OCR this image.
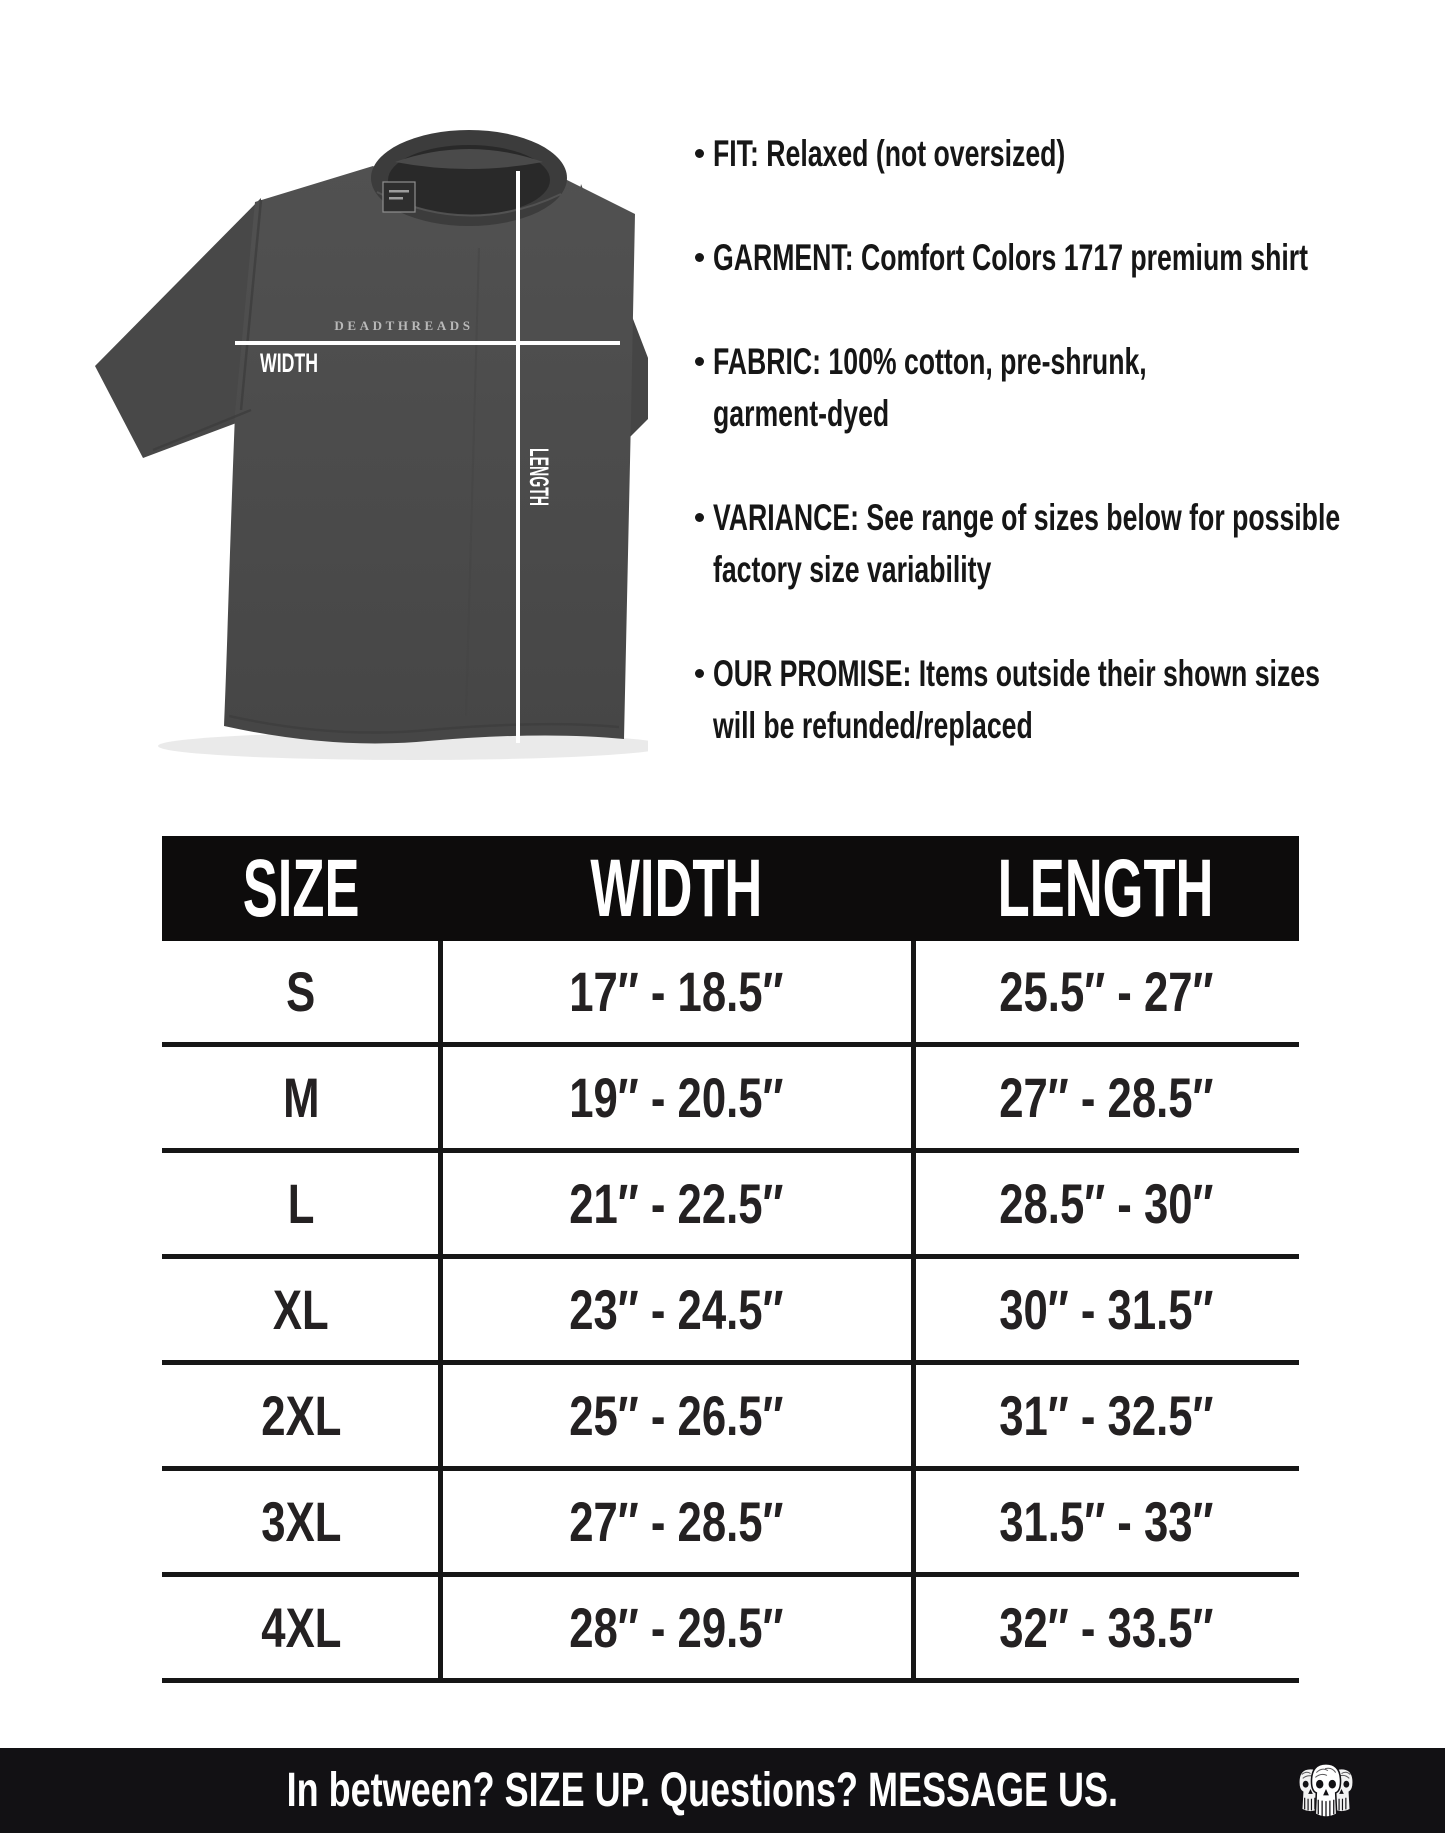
DEADTHREADS
WIDTH
LENGTH
FIT: Relaxed (not oversized)
GARMENT: Comfort Colors 1717 premium shirt
FABRIC: 100% cotton, pre-shrunk,
garment-dyed
VARIANCE: See range of sizes below for possible
factory size variability
OUR PROMISE: Items outside their shown sizes
will be refunded/replaced
SIZE	WIDTH	LENGTH
S	17″ - 18.5″	25.5″ - 27″
M	19″ - 20.5″	27″ - 28.5″
L	21″ - 22.5″	28.5″ - 30″
XL	23″ - 24.5″	30″ - 31.5″
2XL	25″ - 26.5″	31″ - 32.5″
3XL	27″ - 28.5″	31.5″ - 33″
4XL	28″ - 29.5″	32″ - 33.5″
In between? SIZE UP. Questions? MESSAGE US.
